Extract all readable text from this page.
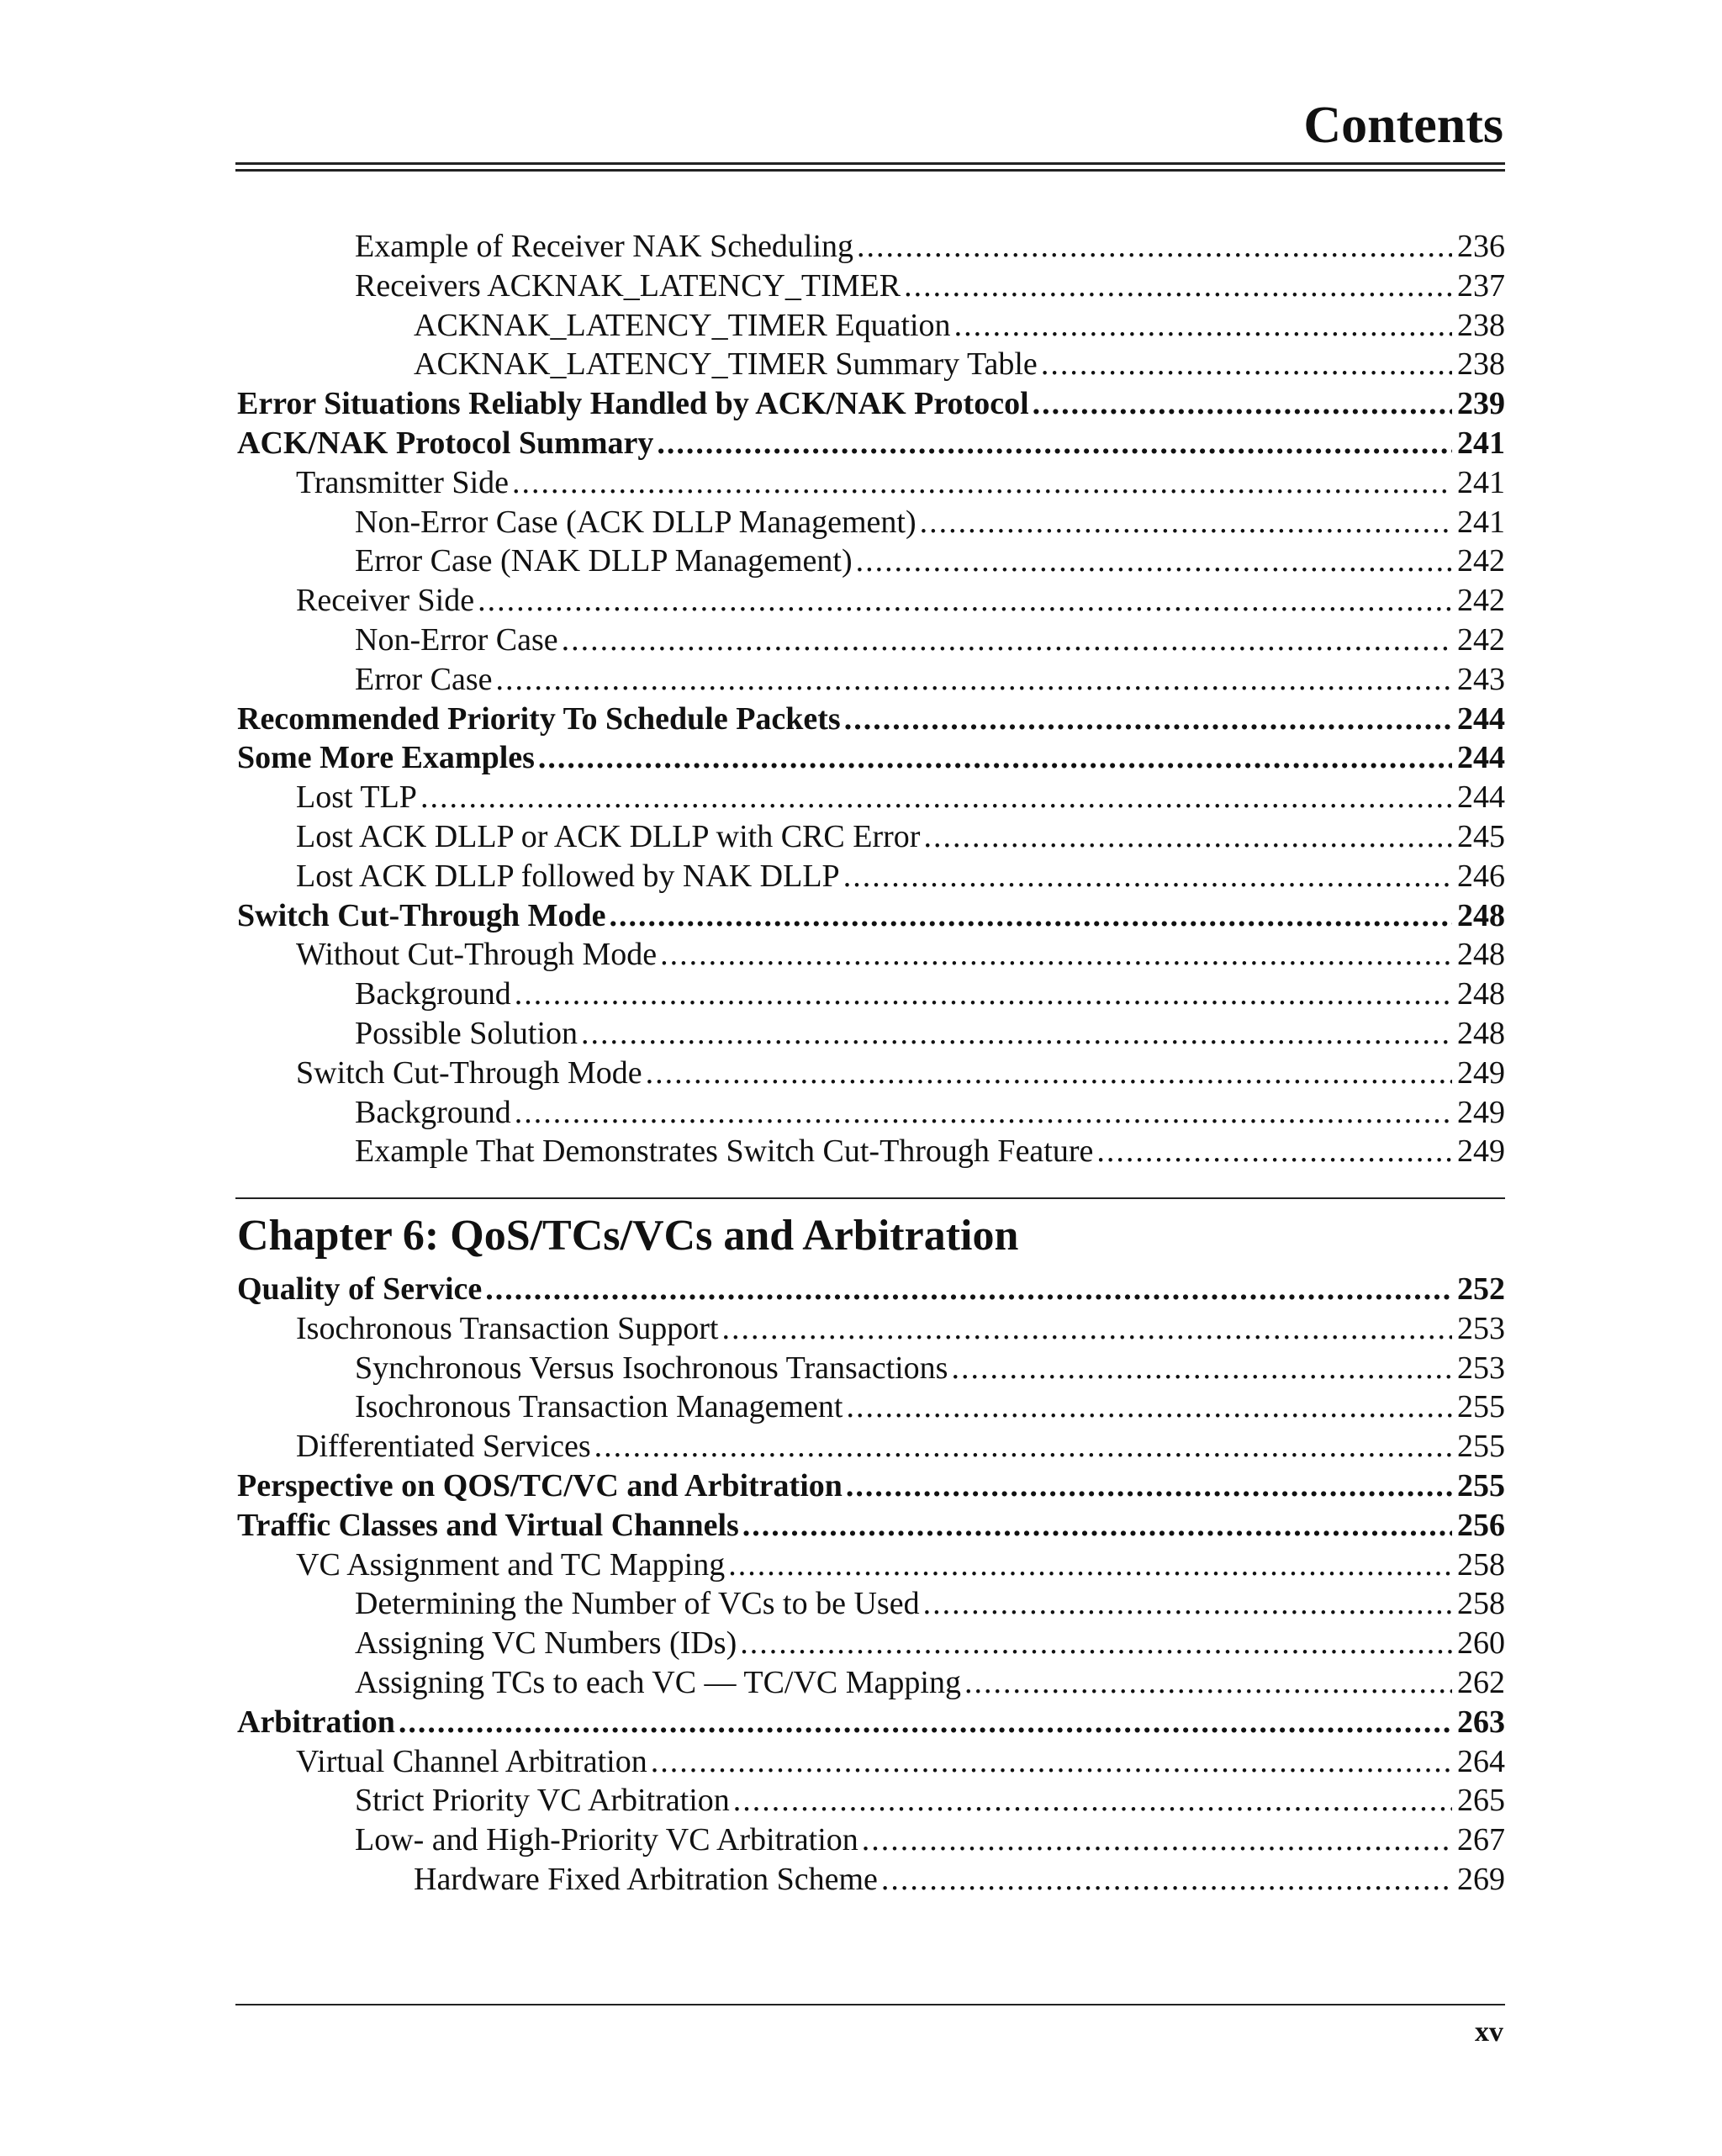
Contents
Example of Receiver NAK Scheduling .....	236
Receivers ACKNAK_LATENCY_TIMER .....	237
ACKNAK_LATENCY_TIMER Equation .....	238
ACKNAK_LATENCY_TIMER Summary Table .....	238
Error Situations Reliably Handled by ACK/NAK Protocol .....	239
ACK/NAK Protocol Summary .....	241
Transmitter Side .....	241
Non-Error Case (ACK DLLP Management) .....	241
Error Case (NAK DLLP Management) .....	242
Receiver Side .....	242
Non-Error Case .....	242
Error Case .....	243
Recommended Priority To Schedule Packets .....	244
Some More Examples .....	244
Lost TLP .....	244
Lost ACK DLLP or ACK DLLP with CRC Error .....	245
Lost ACK DLLP followed by NAK DLLP .....	246
Switch Cut-Through Mode .....	248
Without Cut-Through Mode .....	248
Background .....	248
Possible Solution .....	248
Switch Cut-Through Mode .....	249
Background .....	249
Example That Demonstrates Switch Cut-Through Feature .....	249
Chapter 6: QoS/TCs/VCs and Arbitration
Quality of Service .....	252
Isochronous Transaction Support .....	253
Synchronous Versus Isochronous Transactions .....	253
Isochronous Transaction Management .....	255
Differentiated Services .....	255
Perspective on QOS/TC/VC and Arbitration .....	255
Traffic Classes and Virtual Channels .....	256
VC Assignment and TC Mapping .....	258
Determining the Number of VCs to be Used .....	258
Assigning VC Numbers (IDs) .....	260
Assigning TCs to each VC — TC/VC Mapping .....	262
Arbitration .....	263
Virtual Channel Arbitration .....	264
Strict Priority VC Arbitration .....	265
Low- and High-Priority VC Arbitration .....	267
Hardware Fixed Arbitration Scheme .....	269
xv
